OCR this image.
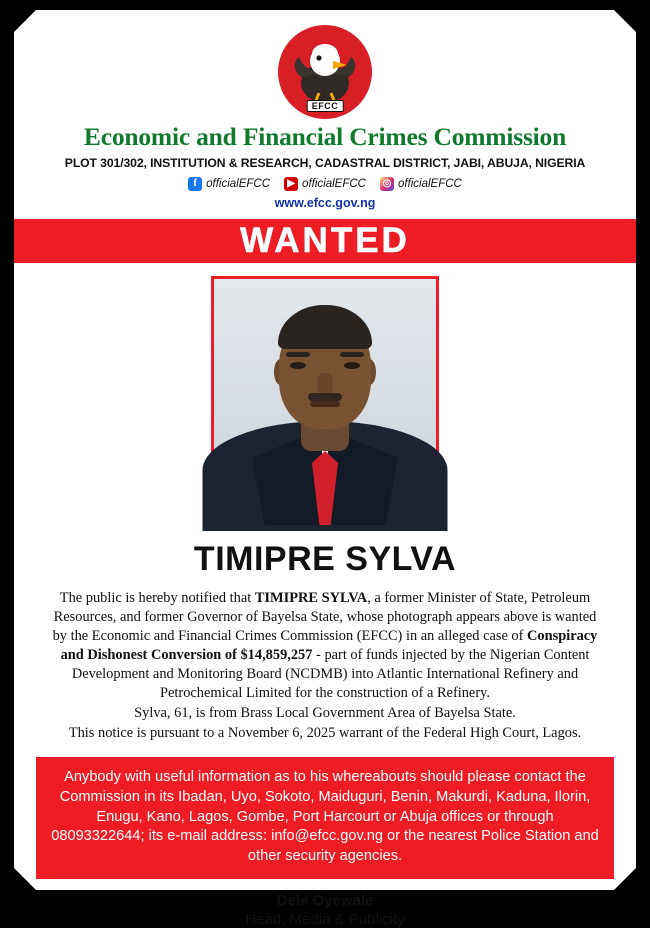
EFCC
Economic and Financial Crimes Commission
PLOT 301/302, INSTITUTION & RESEARCH, CADASTRAL DISTRICT, JABI, ABUJA, NIGERIA
f officialEFCC	▶ officialEFCC ◎ officialEFCC
www.efcc.gov.ng
WANTED
TIMIPRE SYLVA

The public is hereby notified that TIMIPRE SYLVA, a former Minister of State, Petroleum Resources, and former Governor of Bayelsa State, whose photograph appears above is wanted by the Economic and Financial Crimes Commission (EFCC) in an alleged case of Conspiracy and Dishonest Conversion of $14,859,257 - part of funds injected by the Nigerian Content Development and Monitoring Board (NCDMB) into Atlantic International Refinery and Petrochemical Limited for the construction of a Refinery.

Sylva, 61, is from Brass Local Government Area of Bayelsa State.

This notice is pursuant to a November 6, 2025 warrant of the Federal High Court, Lagos.

Anybody with useful information as to his whereabouts should please contact the Commission in its Ibadan, Uyo, Sokoto, Maiduguri, Benin, Makurdi, Kaduna, Ilorin, Enugu, Kano, Lagos, Gombe, Port Harcourt or Abuja offices or through 08093322644; its e-mail address: info@efcc.gov.ng or the nearest Police Station and other security agencies.
Dele Oyewale
Head, Media & Publicity
